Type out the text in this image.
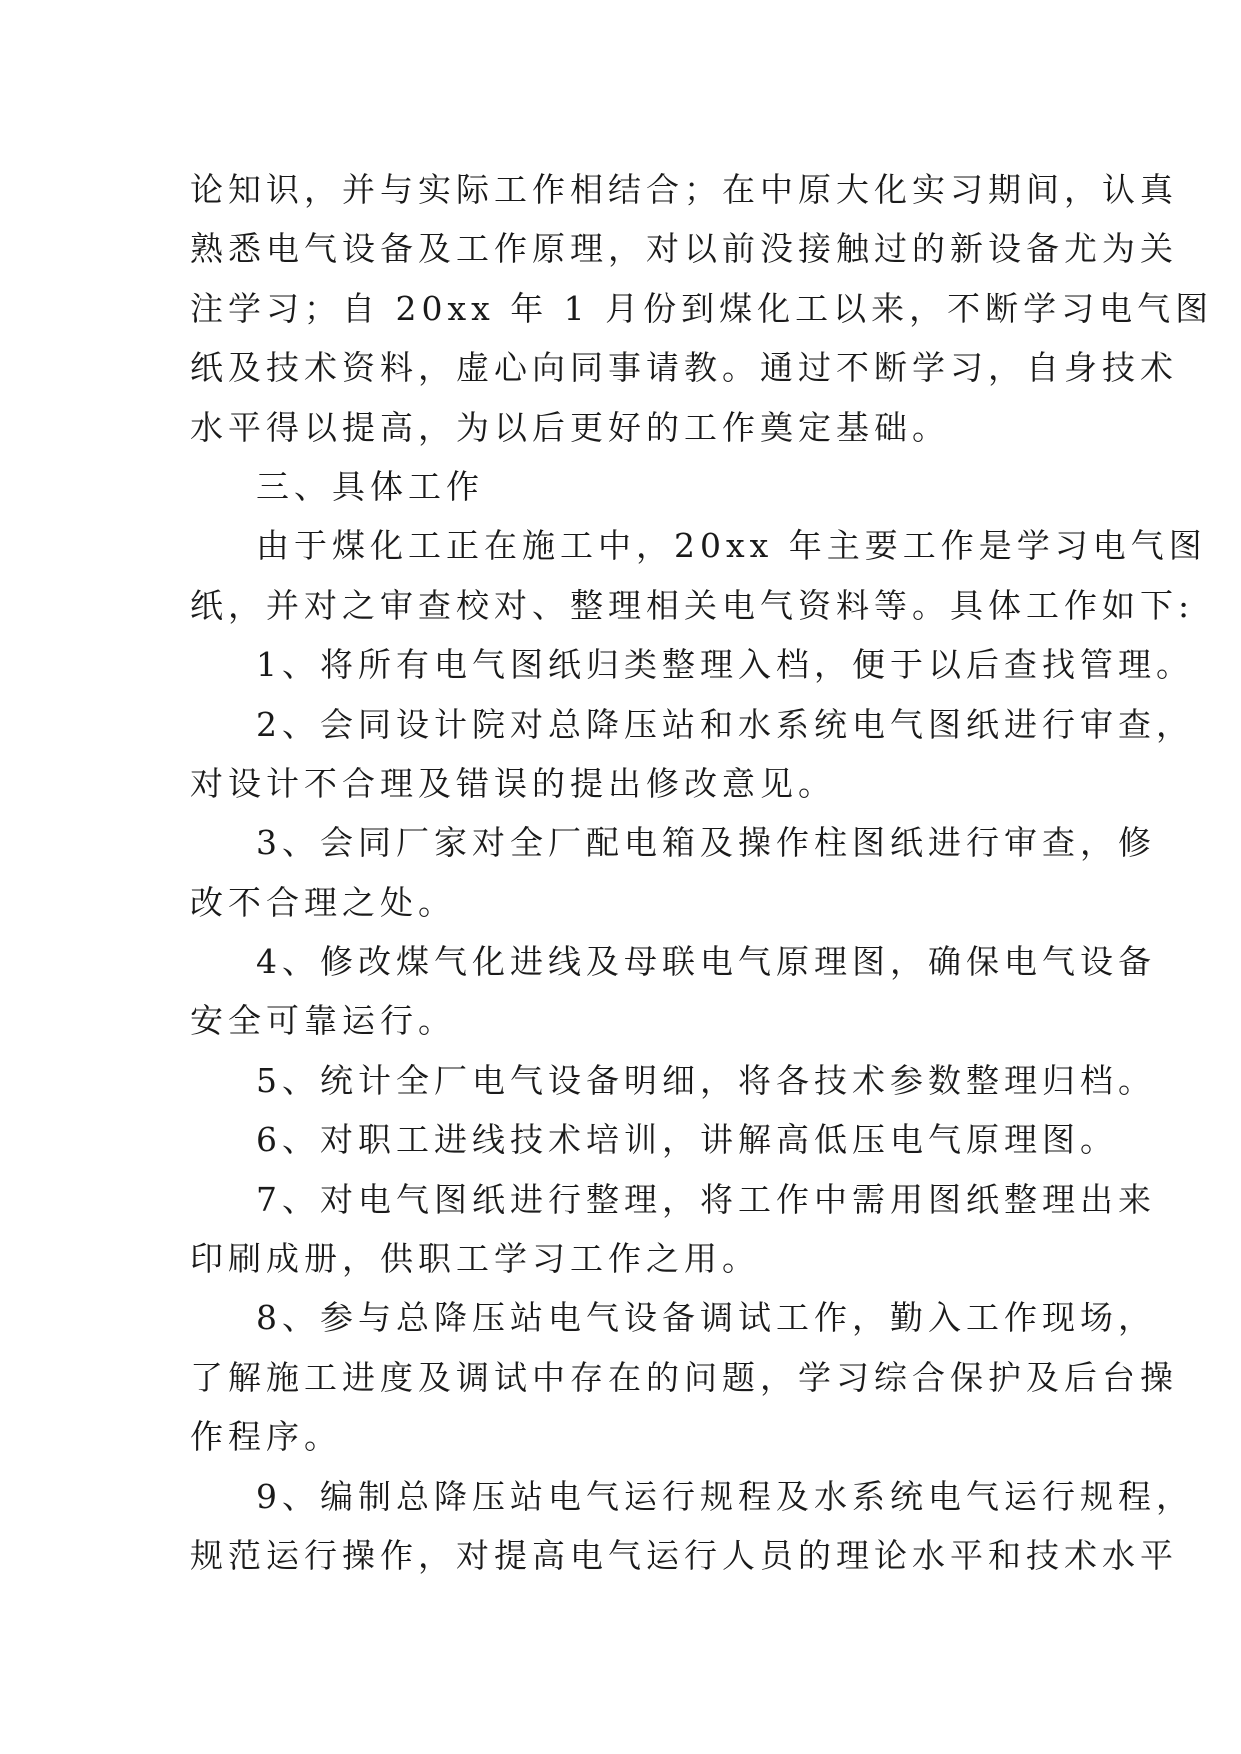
论知识，并与实际工作相结合；在中原大化实习期间，认真
熟悉电气设备及工作原理，对以前没接触过的新设备尤为关
注学习；自 20xx 年 1 月份到煤化工以来，不断学习电气图
纸及技术资料，虚心向同事请教。通过不断学习，自身技术
水平得以提高，为以后更好的工作奠定基础。
三、具体工作
由于煤化工正在施工中，20xx 年主要工作是学习电气图
纸，并对之审查校对、整理相关电气资料等。具体工作如下:
1、将所有电气图纸归类整理入档，便于以后查找管理。
2、会同设计院对总降压站和水系统电气图纸进行审查，
对设计不合理及错误的提出修改意见。
3、会同厂家对全厂配电箱及操作柱图纸进行审查，修
改不合理之处。
4、修改煤气化进线及母联电气原理图，确保电气设备
安全可靠运行。
5、统计全厂电气设备明细，将各技术参数整理归档。
6、对职工进线技术培训，讲解高低压电气原理图。
7、对电气图纸进行整理，将工作中需用图纸整理出来
印刷成册，供职工学习工作之用。
8、参与总降压站电气设备调试工作，勤入工作现场，
了解施工进度及调试中存在的问题，学习综合保护及后台操
作程序。
9、编制总降压站电气运行规程及水系统电气运行规程，
规范运行操作，对提高电气运行人员的理论水平和技术水平
